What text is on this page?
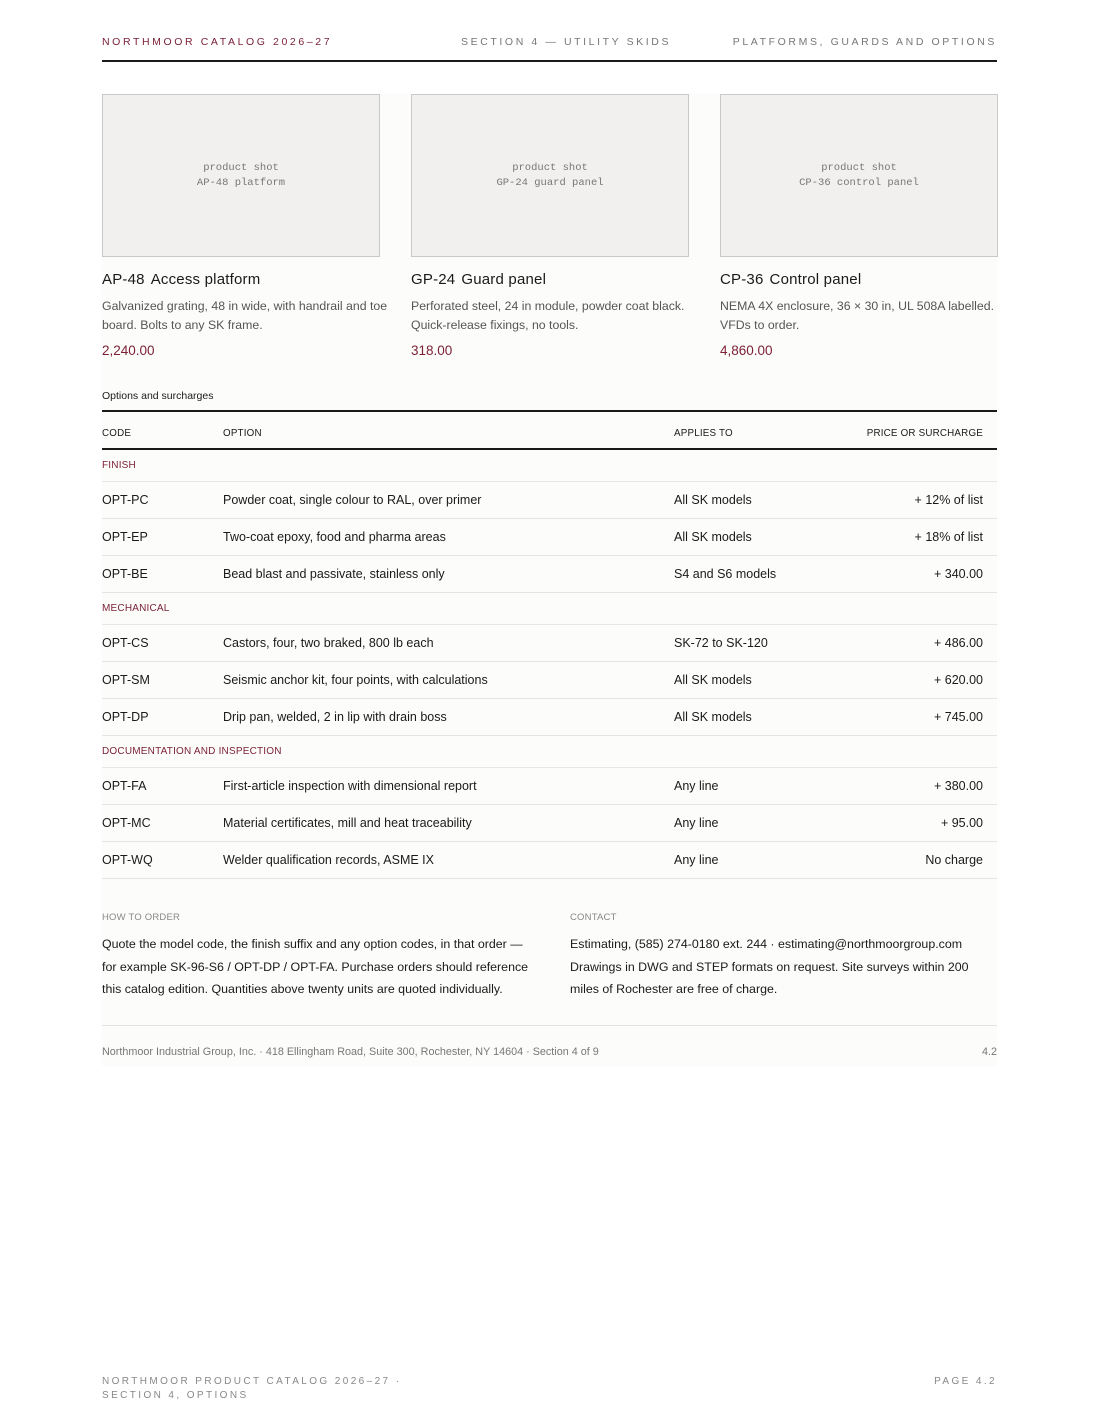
NORTHMOOR CATALOG 2026–27	SECTION 4 — UTILITY SKIDS	PLATFORMS, GUARDS AND OPTIONS
product shot
AP-48 platform
AP-48 Access platform
Galvanized grating, 48 in wide, with handrail and toe board. Bolts to any SK frame.
2,240.00
product shot
GP-24 guard panel
GP-24 Guard panel
Perforated steel, 24 in module, powder coat black. Quick-release fixings, no tools.
318.00
product shot
CP-36 control panel
CP-36 Control panel
NEMA 4X enclosure, 36 × 30 in, UL 508A labelled. VFDs to order.
4,860.00
Options and surcharges
CODE	OPTION	APPLIES TO	PRICE OR SURCHARGE
FINISH
OPT-PC	Powder coat, single colour to RAL, over primer	All SK models	+ 12% of list
OPT-EP	Two-coat epoxy, food and pharma areas	All SK models	+ 18% of list
OPT-BE	Bead blast and passivate, stainless only	S4 and S6 models	+ 340.00
MECHANICAL
OPT-CS	Castors, four, two braked, 800 lb each	SK-72 to SK-120	+ 486.00
OPT-SM	Seismic anchor kit, four points, with calculations	All SK models	+ 620.00
OPT-DP	Drip pan, welded, 2 in lip with drain boss	All SK models	+ 745.00
DOCUMENTATION AND INSPECTION
OPT-FA	First-article inspection with dimensional report	Any line	+ 380.00
OPT-MC	Material certificates, mill and heat traceability	Any line	+ 95.00
OPT-WQ	Welder qualification records, ASME IX	Any line	No charge
HOW TO ORDER
Quote the model code, the finish suffix and any option codes, in that order — for example SK-96-S6 / OPT-DP / OPT-FA. Purchase orders should reference this catalog edition. Quantities above twenty units are quoted individually.
CONTACT
Estimating, (585) 274-0180 ext. 244 · estimating@northmoorgroup.com Drawings in DWG and STEP formats on request. Site surveys within 200 miles of Rochester are free of charge.
Northmoor Industrial Group, Inc. · 418 Ellingham Road, Suite 300, Rochester, NY 14604 · Section 4 of 9	4.2
NORTHMOOR PRODUCT CATALOG 2026–27 · SECTION 4, OPTIONS
PAGE 4.2
